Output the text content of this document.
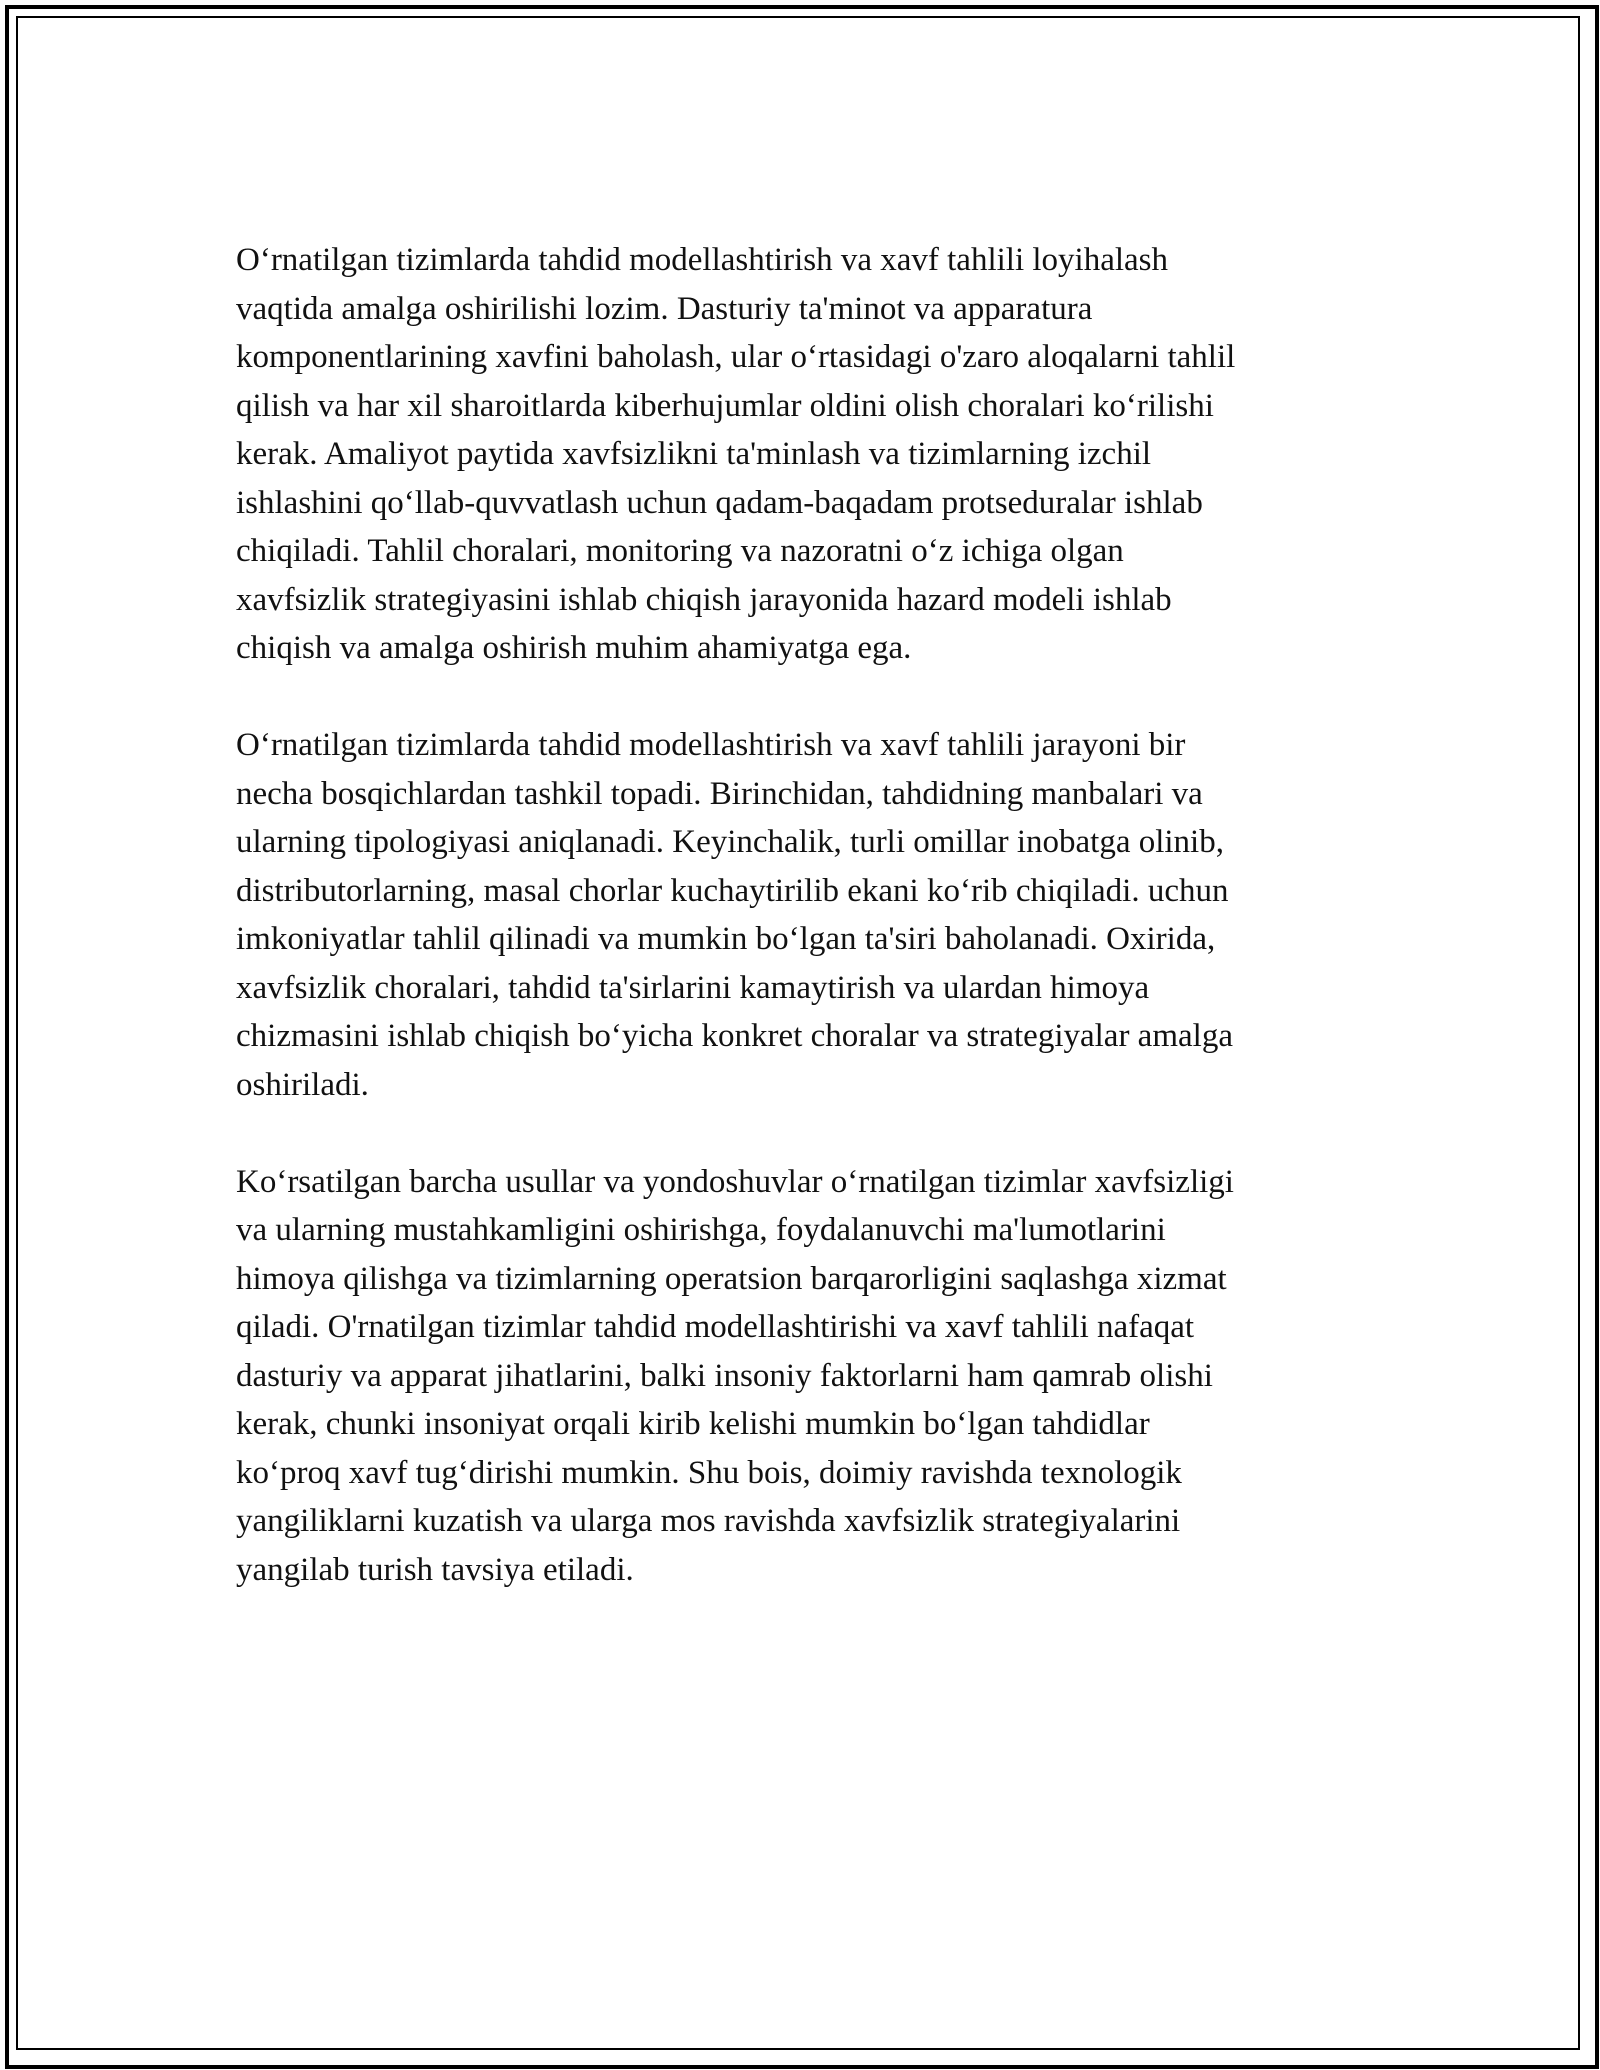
O‘rnatilgan tizimlarda tahdid modellashtirish va xavf tahlili loyihalash
vaqtida amalga oshirilishi lozim. Dasturiy ta'minot va apparatura
komponentlarining xavfini baholash, ular o‘rtasidagi o'zaro aloqalarni tahlil
qilish va har xil sharoitlarda kiberhujumlar oldini olish choralari ko‘rilishi
kerak. Amaliyot paytida xavfsizlikni ta'minlash va tizimlarning izchil
ishlashini qo‘llab-quvvatlash uchun qadam-baqadam protseduralar ishlab
chiqiladi. Tahlil choralari, monitoring va nazoratni o‘z ichiga olgan
xavfsizlik strategiyasini ishlab chiqish jarayonida hazard modeli ishlab
chiqish va amalga oshirish muhim ahamiyatga ega.

O‘rnatilgan tizimlarda tahdid modellashtirish va xavf tahlili jarayoni bir
necha bosqichlardan tashkil topadi. Birinchidan, tahdidning manbalari va
ularning tipologiyasi aniqlanadi. Keyinchalik, turli omillar inobatga olinib,
distributorlarning, masal chorlar kuchaytirilib ekani ko‘rib chiqiladi. uchun
imkoniyatlar tahlil qilinadi va mumkin bo‘lgan ta'siri baholanadi. Oxirida,
xavfsizlik choralari, tahdid ta'sirlarini kamaytirish va ulardan himoya
chizmasini ishlab chiqish bo‘yicha konkret choralar va strategiyalar amalga
oshiriladi.

Ko‘rsatilgan barcha usullar va yondoshuvlar o‘rnatilgan tizimlar xavfsizligi
va ularning mustahkamligini oshirishga, foydalanuvchi ma'lumotlarini
himoya qilishga va tizimlarning operatsion barqarorligini saqlashga xizmat
qiladi. O'rnatilgan tizimlar tahdid modellashtirishi va xavf tahlili nafaqat
dasturiy va apparat jihatlarini, balki insoniy faktorlarni ham qamrab olishi
kerak, chunki insoniyat orqali kirib kelishi mumkin bo‘lgan tahdidlar
ko‘proq xavf tug‘dirishi mumkin. Shu bois, doimiy ravishda texnologik
yangiliklarni kuzatish va ularga mos ravishda xavfsizlik strategiyalarini
yangilab turish tavsiya etiladi.
